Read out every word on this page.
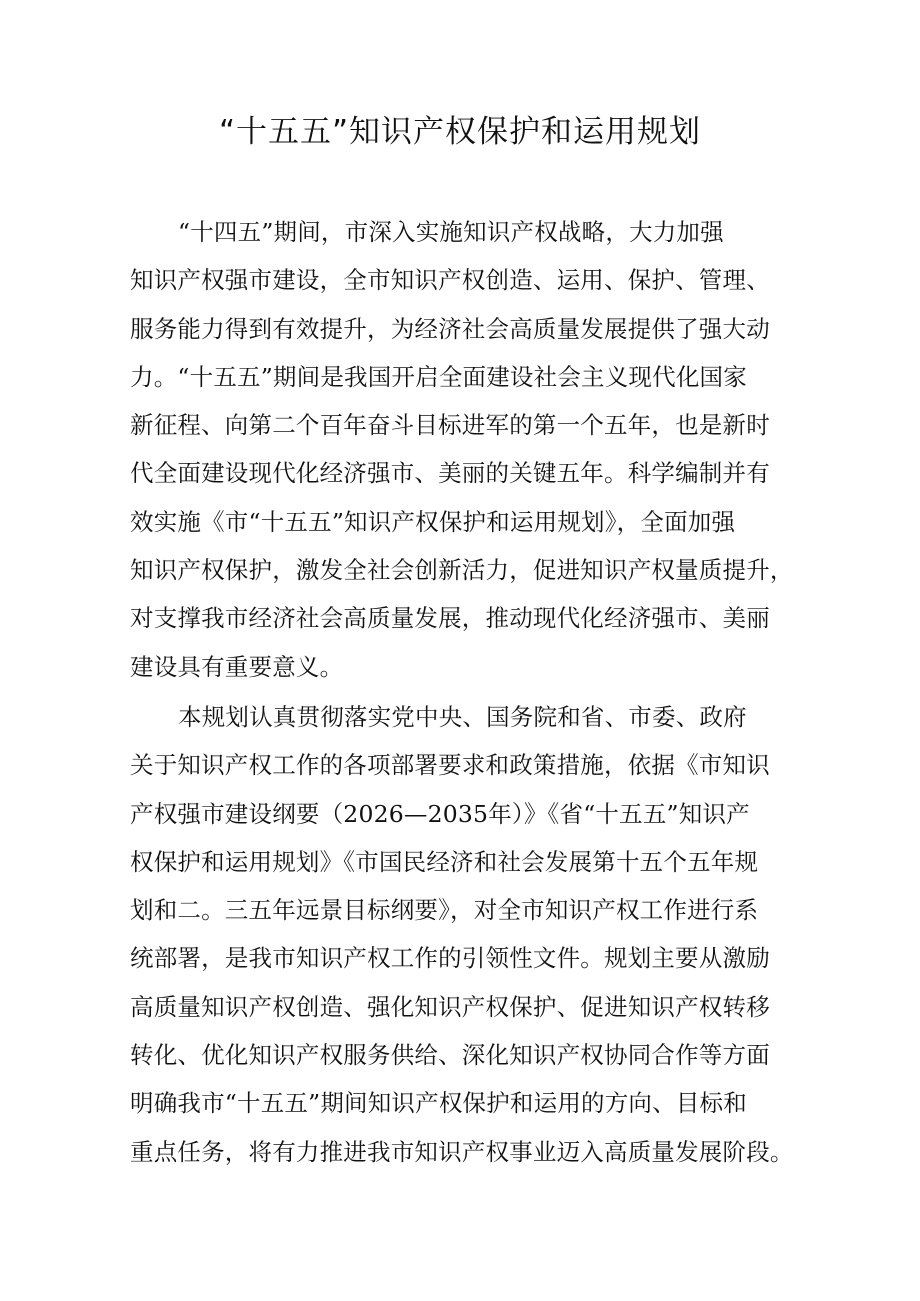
“十五五”知识产权保护和运用规划
“十四五”期间，市深入实施知识产权战略，大力加强
知识产权强市建设，全市知识产权创造、运用、保护、管理、
服务能力得到有效提升，为经济社会高质量发展提供了强大动
力。“十五五”期间是我国开启全面建设社会主义现代化国家
新征程、向第二个百年奋斗目标进军的第一个五年，也是新时
代全面建设现代化经济强市、美丽的关键五年。科学编制并有
效实施《市“十五五”知识产权保护和运用规划》，全面加强
知识产权保护，激发全社会创新活力，促进知识产权量质提升，
对支撑我市经济社会高质量发展，推动现代化经济强市、美丽
建设具有重要意义。
本规划认真贯彻落实党中央、国务院和省、市委、政府
关于知识产权工作的各项部署要求和政策措施，依据《市知识
产权强市建设纲要（2026—2035年）》《省“十五五”知识产
权保护和运用规划》《市国民经济和社会发展第十五个五年规
划和二。三五年远景目标纲要》，对全市知识产权工作进行系
统部署，是我市知识产权工作的引领性文件。规划主要从激励
高质量知识产权创造、强化知识产权保护、促进知识产权转移
转化、优化知识产权服务供给、深化知识产权协同合作等方面
明确我市“十五五”期间知识产权保护和运用的方向、目标和
重点任务，将有力推进我市知识产权事业迈入高质量发展阶段。
